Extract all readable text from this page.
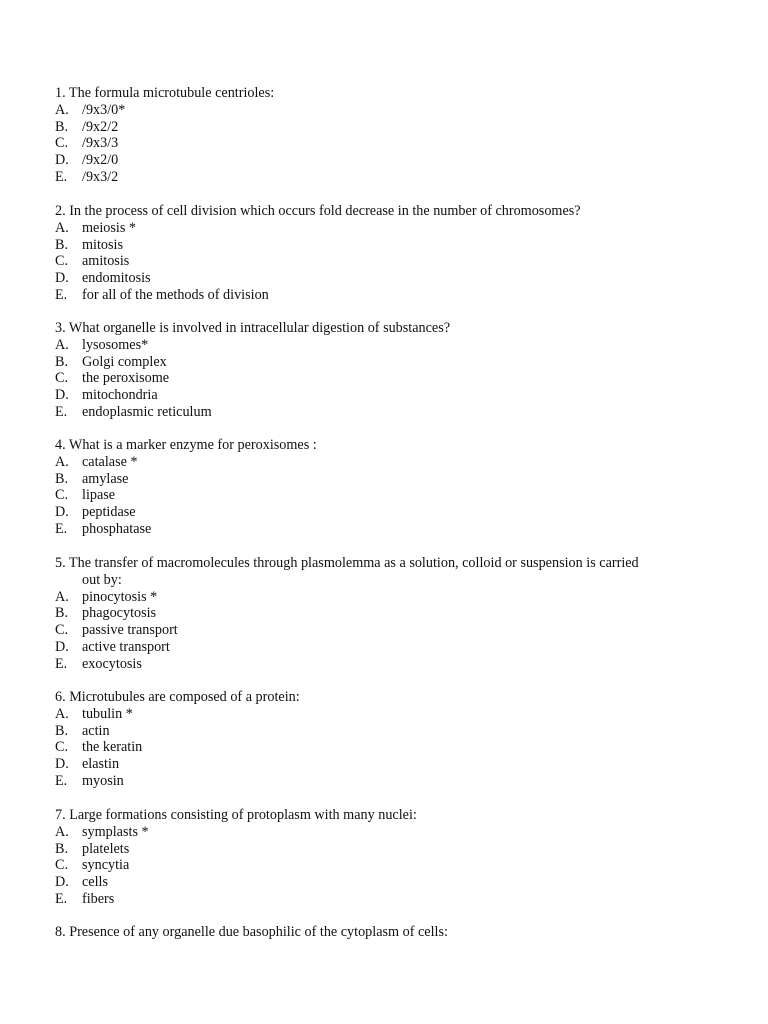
1. The formula microtubule centrioles:
A. /9x3/0*
B. /9x2/2
C. /9x3/3
D. /9x2/0
E.	/9x3/2
2. In the process of cell division which occurs fold decrease in the number of chromosomes?
A. meiosis *
B. mitosis
C. amitosis
D. endomitosis
E.	for all of the methods of division
3. What organelle is involved in intracellular digestion of substances?
A. lysosomes*
B. Golgi complex
C. the peroxisome
D. mitochondria
E.	endoplasmic reticulum
4. What is a marker enzyme for peroxisomes :
A. catalase *
B. amylase
C. lipase
D. peptidase
E.	phosphatase
5. The transfer of macromolecules through plasmolemma as a solution, colloid or suspension is carried
out by:
A. pinocytosis *
B. phagocytosis
C. passive transport
D. active transport
E.	exocytosis
6. Microtubules are composed of a protein:
A. tubulin *
B. actin
C. the keratin
D. elastin
E.	myosin
7. Large formations consisting of protoplasm with many nuclei:
A. symplasts *
B. platelets
C. syncytia
D. cells
E.	fibers
8. Presence of any organelle due basophilic of the cytoplasm of cells:
